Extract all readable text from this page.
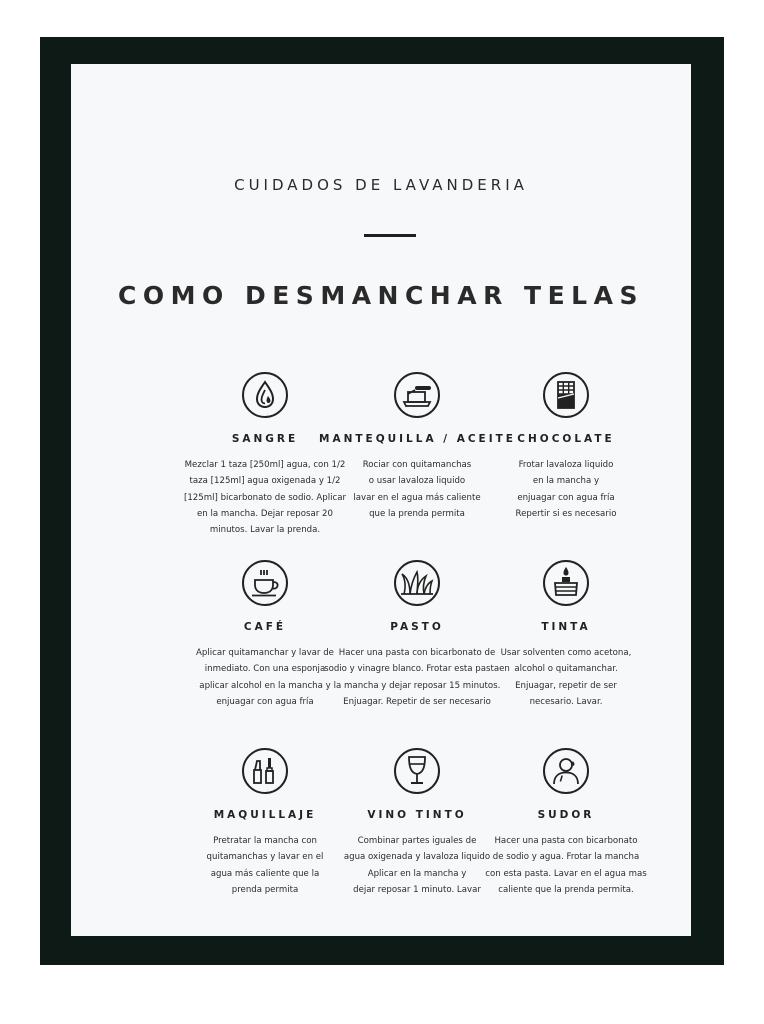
CUIDADOS DE LAVANDERIA
COMO DESMANCHAR TELAS
SANGRE
Mezclar 1 taza [250ml] agua, con 1/2
taza [125ml] agua oxigenada y 1/2
[125ml] bicarbonato de sodio. Aplicar
en la mancha. Dejar reposar 20
minutos. Lavar la prenda.
MANTEQUILLA / ACEITE
Rociar con quitamanchas
o usar lavaloza liquido
lavar en el agua más caliente
que la prenda permita
CHOCOLATE
Frotar lavaloza liquido
en la mancha y
enjuagar con agua fría
Repertir si es necesario
CAFÉ
Aplicar quitamanchar y lavar de
inmediato. Con una esponja
aplicar alcohol en la mancha y
enjuagar con agua fría
PASTO
Hacer una pasta con bicarbonato de
sodio y vinagre blanco. Frotar esta pastaen
la mancha y dejar reposar 15 minutos.
Enjuagar. Repetir de ser necesario
TINTA
Usar solventen como acetona,
alcohol o quitamanchar.
Enjuagar, repetir de ser
necesario. Lavar.
MAQUILLAJE
Pretratar la mancha con
quitamanchas y lavar en el
agua más caliente que la
prenda permita
VINO TINTO
Combinar partes iguales de
agua oxigenada y lavaloza liquido
Aplicar en la mancha y
dejar reposar 1 minuto. Lavar
SUDOR
Hacer una pasta con bicarbonato
de sodio y agua. Frotar la mancha
con esta pasta. Lavar en el agua mas
caliente que la prenda permita.
